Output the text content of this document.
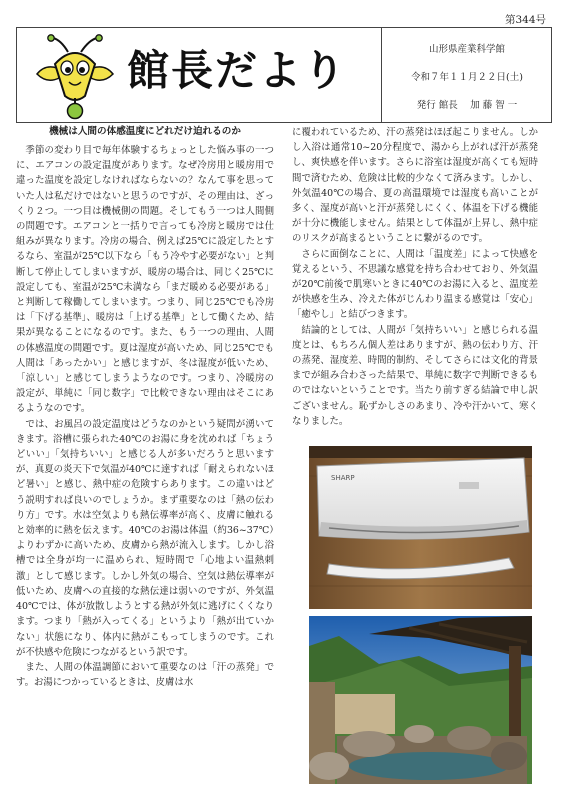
第344号
館長だより	山形県産業科学館
令和７年１１月２２日(土)
発行 館長　 加 藤 智 一
機械は人間の体感温度にどれだけ迫れるのか

季節の変わり目で毎年体験するちょっとした悩み事の一つに、エアコンの設定温度があります。なぜ冷房用と暖房用で違った温度を設定しなければならないの？なんて事を思っていた人は私だけではないと思うのですが、その理由は、ざっくり２つ。一つ目は機械側の問題。そしてもう一つは人間側の問題です。エアコンと一括りで言っても冷房と暖房では仕組みが異なります。冷房の場合、例えば25℃に設定したとするなら、室温が25℃以下なら「もう冷やす必要がない」と判断して停止してしまいますが、暖房の場合は、同じく25℃に設定しても、室温が25℃未満なら「まだ暖める必要がある」と判断して稼働してしまいます。つまり、同じ25℃でも冷房は「下げる基準」、暖房は「上げる基準」として働くため、結果が異なることになるのです。また、もう一つの理由、人間の体感温度の問題です。夏は湿度が高いため、同じ25℃でも人間は「あったかい」と感じますが、冬は湿度が低いため、「涼しい」と感じてしまうようなのです。つまり、冷暖房の設定が、単純に「同じ数字」で比較できない理由はそこにあるようなのです。

では、お風呂の設定温度はどうなのかという疑問が湧いてきます。浴槽に張られた40℃のお湯に身を沈めれば「ちょうどいい」「気持ちいい」と感じる人が多いだろうと思いますが、真夏の炎天下で気温が40℃に達すれば「耐えられないほど暑い」と感じ、熱中症の危険すらあります。この違いはどう説明すれば良いのでしょうか。まず重要なのは「熱の伝わり方」です。水は空気よりも熱伝導率が高く、皮膚に触れると効率的に熱を伝えます。40℃のお湯は体温（約36~37℃）よりわずかに高いため、皮膚から熱が流入します。しかし浴槽では全身が均一に温められ、短時間で「心地よい温熱刺激」として感じます。しかし外気の場合、空気は熱伝導率が低いため、皮膚への直接的な熱伝達は弱いのですが、外気温40℃では、体が放散しようとする熱が外気に逃げにくくなります。つまり「熱が入ってくる」というより「熱が出ていかない」状態になり、体内に熱がこもってしまうのです。これが不快感や危険につながるという訳です。

また、人間の体温調節において重要なのは「汗の蒸発」です。お湯につかっているときは、皮膚は水

に覆われているため、汗の蒸発はほぼ起こりません。しかし入浴は通常10~20分程度で、湯から上がれば汗が蒸発し、爽快感を伴います。さらに浴室は湿度が高くても短時間で済むため、危険は比較的少なくて済みます。しかし、外気温40℃の場合、夏の高温環境では湿度も高いことが多く、湿度が高いと汗が蒸発しにくく、体温を下げる機能が十分に機能しません。結果として体温が上昇し、熱中症のリスクが高まるということに繋がるのです。

さらに面倒なことに、人間は「温度差」によって快感を覚えるという、不思議な感覚を持ち合わせており、外気温が20℃前後で肌寒いときに40℃のお湯に入ると、温度差が快感を生み、冷えた体がじんわり温まる感覚は「安心」「癒やし」と結びつきます。

結論的としては、人間が「気持ちいい」と感じられる温度とは、もちろん個人差はありますが、熱の伝わり方、汗の蒸発、湿度差、時間的制約、そしてさらには文化的背景までが組み合わさった結果で、単純に数字で判断できるものではないということです。当たり前すぎる結論で申し訳ございません。恥ずかしさのあまり、冷や汗かいて、寒くなりました。

SHARP
